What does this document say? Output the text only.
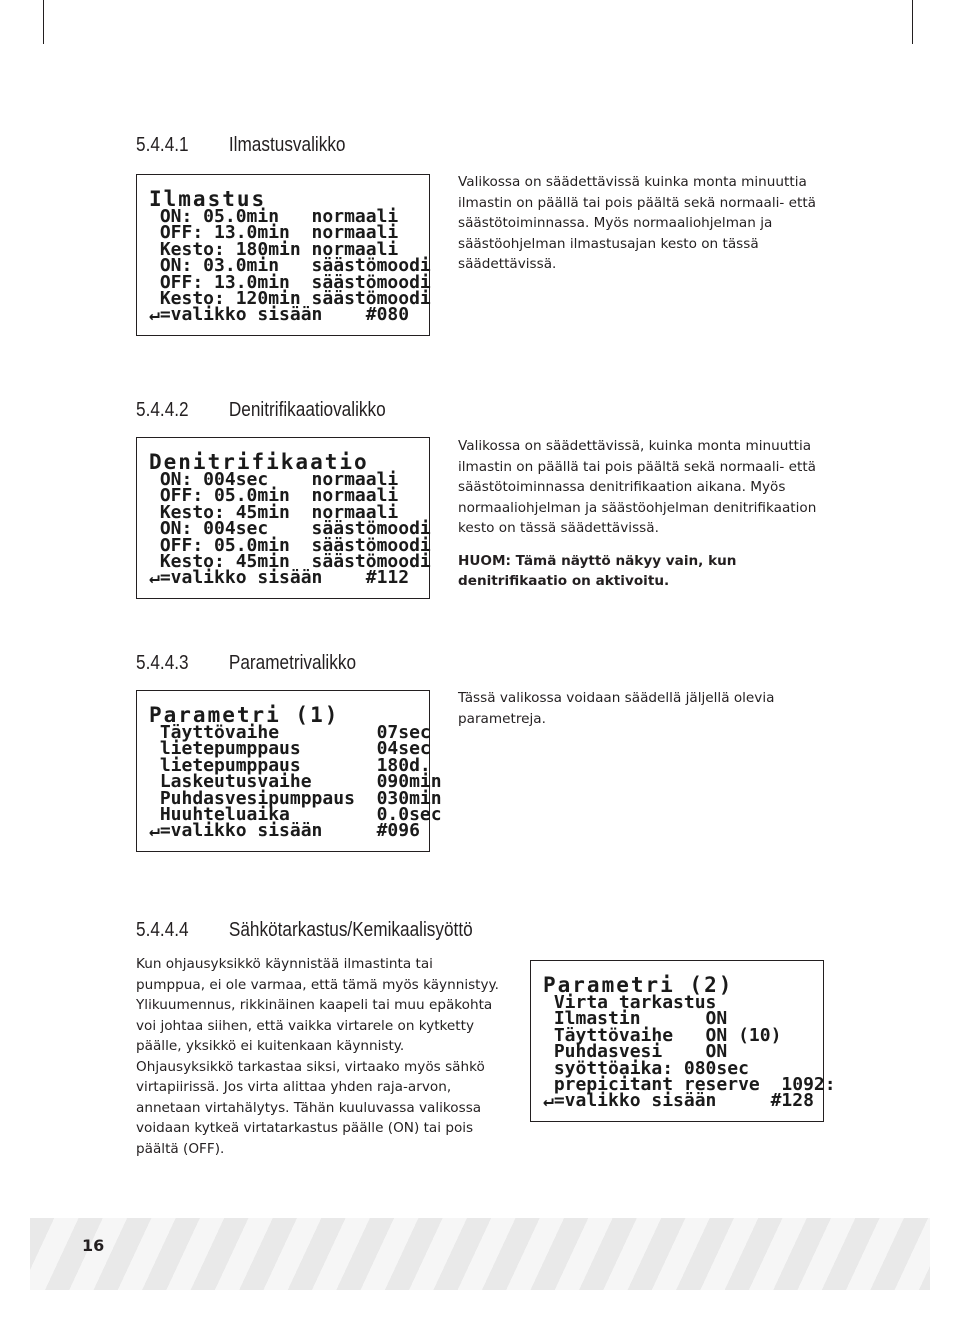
5.4.4.1 Ilmastusvalikko
Ilmastus
ON: 05.0min   normaali
OFF: 13.0min  normaali
Kesto: 180min normaali
ON: 03.0min   säästömoodi
OFF: 13.0min  säästömoodi
Kesto: 120min säästömoodi
↵=valikko sisään    #080

Valikossa on säädettävissä kuinka monta minuuttia ilmastin on päällä tai pois päältä sekä normaali- että säästötoiminnassa. Myös normaaliohjelman ja säästöohjelman ilmastusajan kesto on tässä säädettävissä.

5.4.4.2 Denitrifikaatiovalikko
Denitrifikaatio
ON: 004sec    normaali
OFF: 05.0min  normaali
Kesto: 45min  normaali
ON: 004sec    säästömoodi
OFF: 05.0min  säästömoodi
Kesto: 45min  säästömoodi
↵=valikko sisään    #112

Valikossa on säädettävissä, kuinka monta minuuttia ilmastin on päällä tai pois päältä sekä normaali- että säästötoiminnassa denitrifikaation aikana. Myös normaaliohjelman ja säästöohjelman denitrifikaation kesto on tässä säädettävissä.

HUOM: Tämä näyttö näkyy vain, kun denitrifikaatio on aktivoitu.

5.4.4.3 Parametrivalikko
Parametri (1)
Täyttövaihe         07sec
lietepumppaus       04sec
lietepumppaus       180d.
Laskeutusvaihe      090min
Puhdasvesipumppaus  030min
Huuhteluaika        0.0sec
↵=valikko sisään     #096

Tässä valikossa voidaan säädellä jäljellä olevia parametreja.

5.4.4.4 Sähkötarkastus/Kemikaalisyöttö

Kun ohjausyksikkö käynnistää ilmastinta tai pumppua, ei ole varmaa, että tämä myös käynnistyy. Ylikuumennus, rikkinäinen kaapeli tai muu epäkohta voi johtaa siihen, että vaikka virtarele on kytketty päälle, yksikkö ei kuitenkaan käynnisty. Ohjausyksikkö tarkastaa siksi, virtaako myös sähkö virtapiirissä. Jos virta alittaa yhden raja-arvon, annetaan virtahälytys. Tähän kuuluvassa valikossa voidaan kytkeä virtatarkastus päälle (ON) tai pois päältä (OFF).

Parametri (2)
Virta tarkastus
Ilmastin      ON
Täyttövaihe   ON (10)
Puhdasvesi    ON
syöttöaika: 080sec
prepicitant reserve  1092:
↵=valikko sisään     #128
16
